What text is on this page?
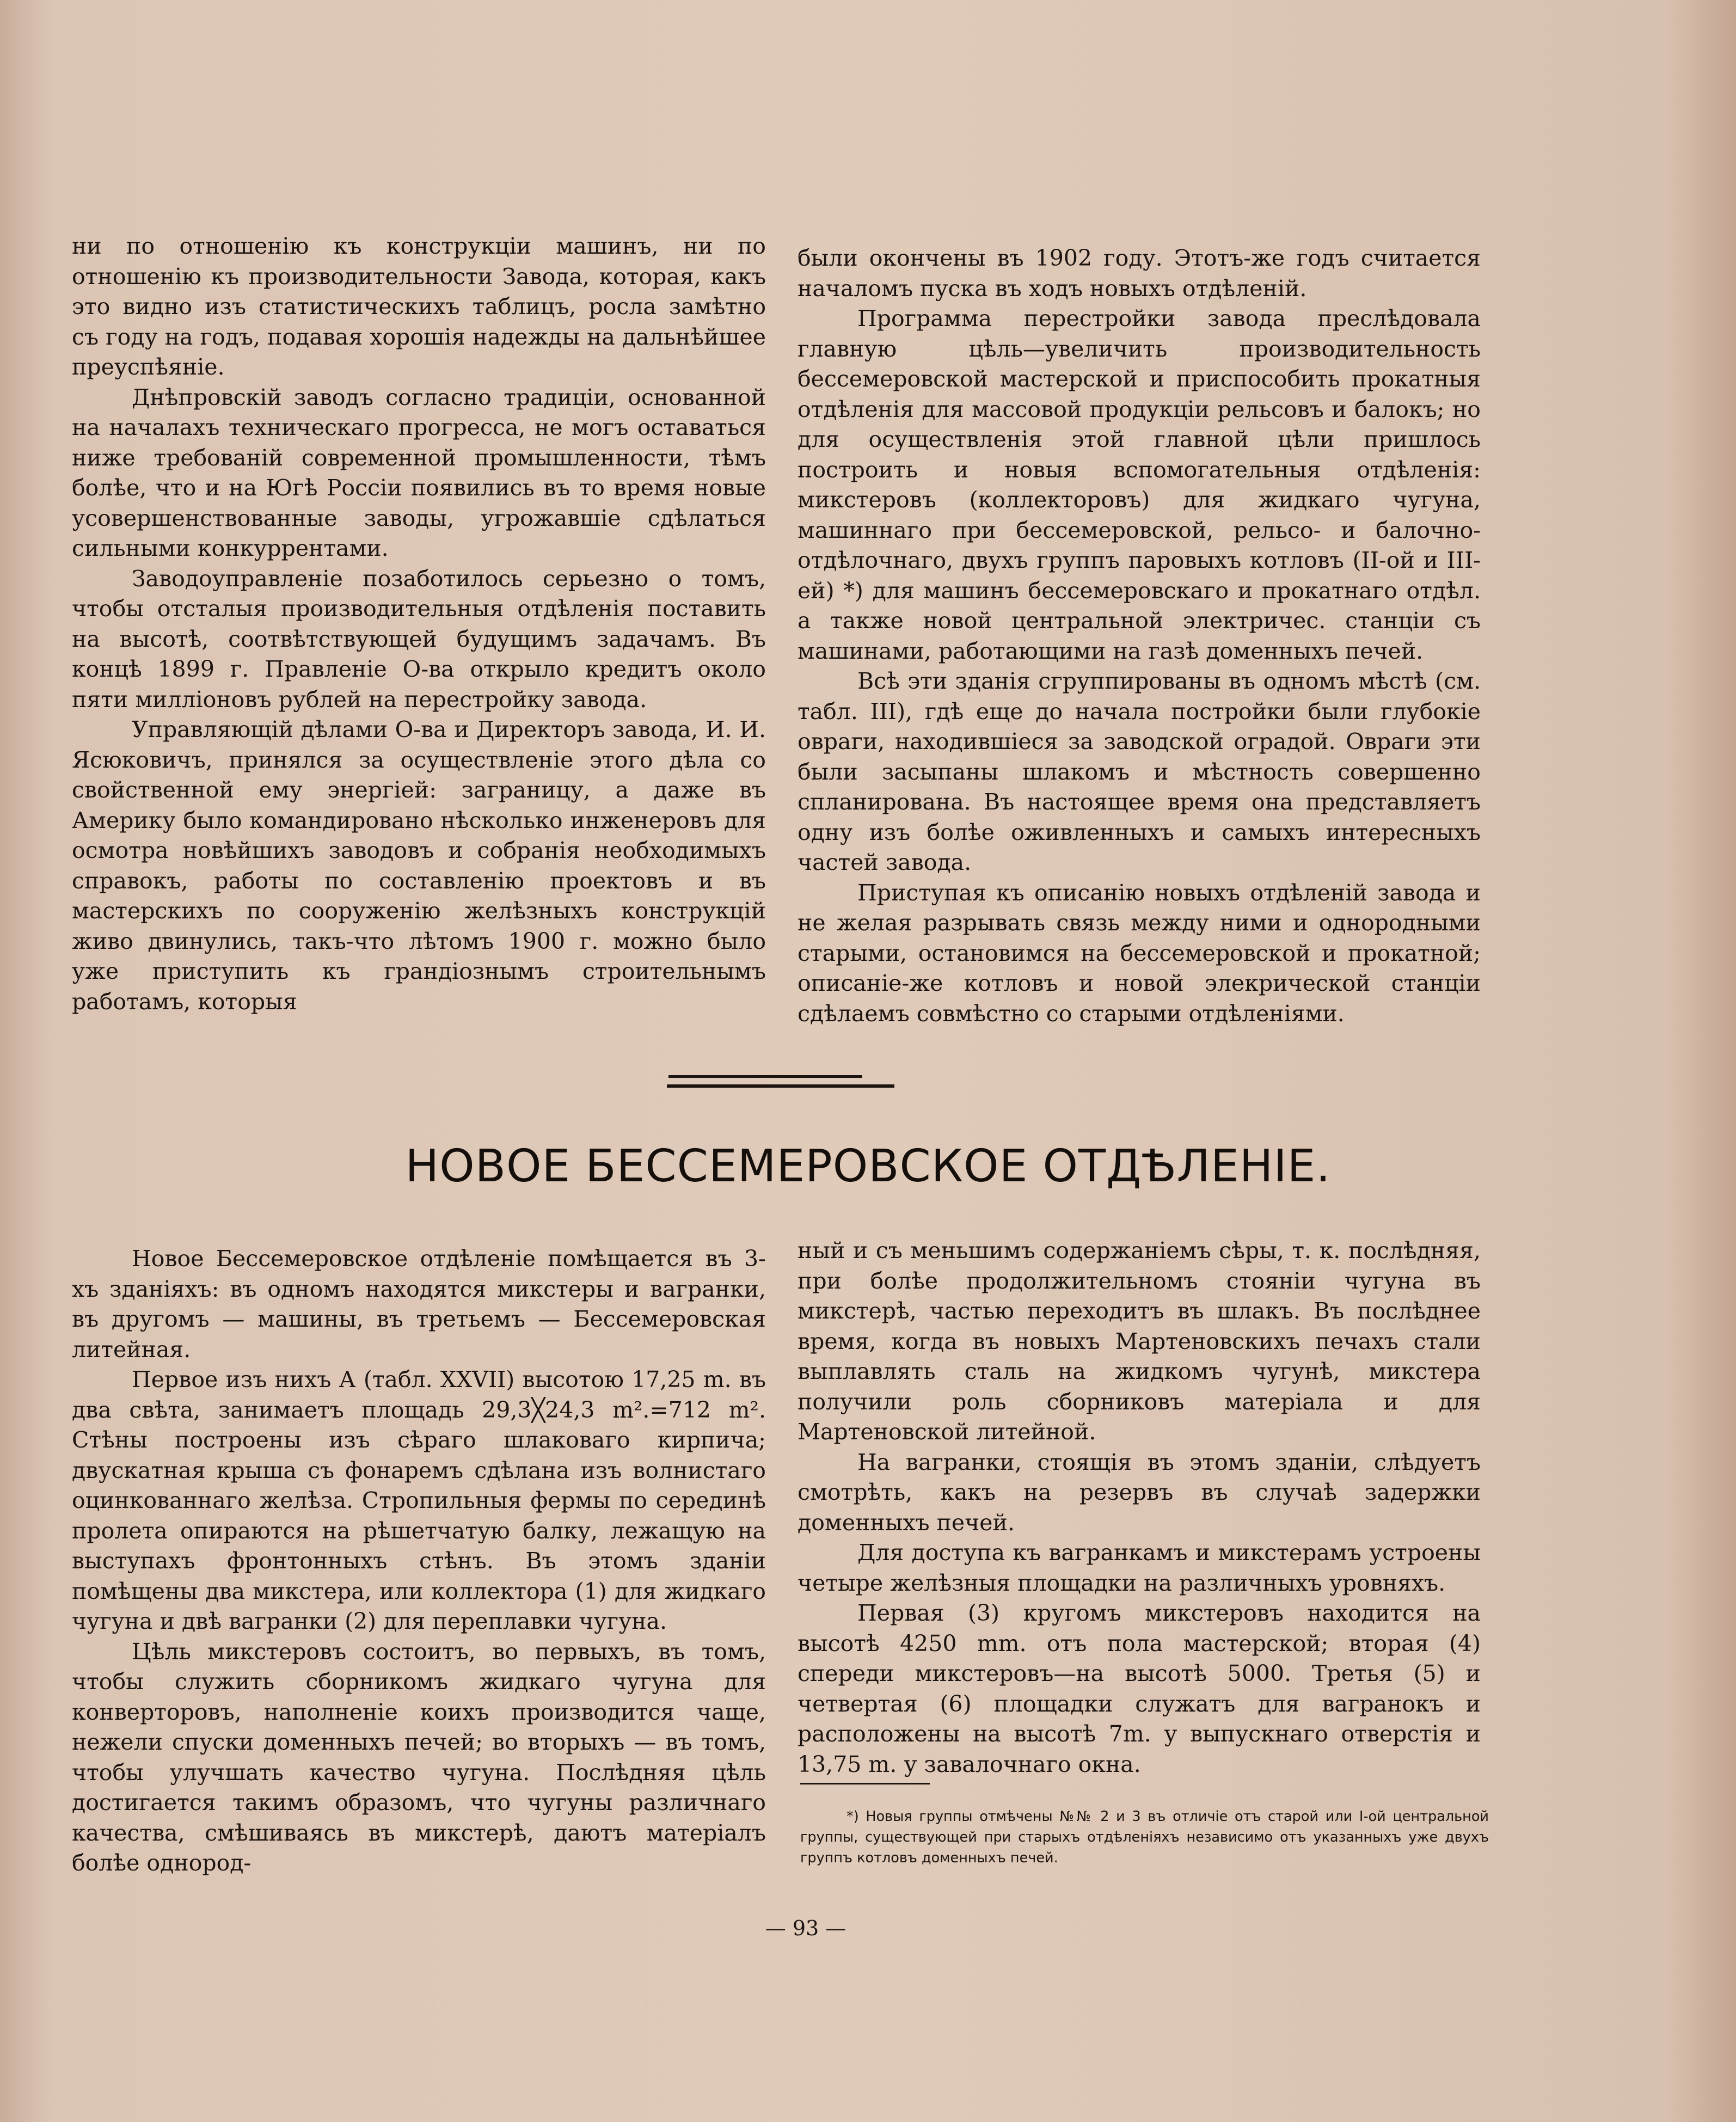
ни по отношенію къ конструкціи машинъ, ни по отношенію къ производительности Завода, которая, какъ это видно изъ статистическихъ таблицъ, росла замѣтно съ году на годъ, подавая хорошія надежды на дальнѣйшее преуспѣяніе.

Днѣпровскій заводъ согласно традиціи, основанной на началахъ техническаго прогресса, не могъ оставаться ниже требованій современной промышленности, тѣмъ болѣе, что и на Югѣ Россіи появились въ то время новые усовершенствованные заводы, угрожавшіе сдѣлаться сильными конкуррентами.

Заводоуправленіе позаботилось серьезно о томъ, чтобы отсталыя производительныя отдѣленія поставить на высотѣ, соотвѣтствующей будущимъ задачамъ. Въ концѣ 1899 г. Правленіе О-ва открыло кредитъ около пяти милліоновъ рублей на перестройку завода.

Управляющій дѣлами О-ва и Директоръ завода, И. И. Ясюковичъ, принялся за осуществленіе этого дѣла со свойственной ему энергіей: заграницу, а даже въ Америку было командировано нѣсколько инженеровъ для осмотра новѣйшихъ заводовъ и собранія необходимыхъ справокъ, работы по составленію проектовъ и въ мастерскихъ по сооруженію желѣзныхъ конструкцій живо двинулись, такъ-что лѣтомъ 1900 г. можно было уже приступить къ грандіознымъ строительнымъ работамъ, которыя

были окончены въ 1902 году. Этотъ-же годъ считается началомъ пуска въ ходъ новыхъ отдѣленій.

Программа перестройки завода преслѣдовала главную цѣль—увеличить производительность бессемеровской мастерской и приспособить прокатныя отдѣленія для массовой продукціи рельсовъ и балокъ; но для осуществленія этой главной цѣли пришлось построить и новыя вспомогательныя отдѣленія: микстеровъ (коллекторовъ) для жидкаго чугуна, машиннаго при бессемеровской, рельсо- и балочно-отдѣлочнаго, двухъ группъ паровыхъ котловъ (II-ой и III-ей) *) для машинъ бессемеровскаго и прокатнаго отдѣл. а также новой центральной электричес. станціи съ машинами, работающими на газѣ доменныхъ печей.

Всѣ эти зданія сгруппированы въ одномъ мѣстѣ (см. табл. III), гдѣ еще до начала постройки были глубокіе овраги, находившіеся за заводской оградой. Овраги эти были засыпаны шлакомъ и мѣстность совершенно спланирована. Въ настоящее время она представляетъ одну изъ болѣе оживленныхъ и самыхъ интересныхъ частей завода.

Приступая къ описанію новыхъ отдѣленій завода и не желая разрывать связь между ними и однородными старыми, остановимся на бессемеровской и прокатной; описаніе-же котловъ и новой элекрической станціи сдѣлаемъ совмѣстно со старыми отдѣленіями.

НОВОЕ БЕССЕМЕРОВСКОЕ ОТДѢЛЕНІЕ.

Новое Бессемеровское отдѣленіе помѣщается въ 3-хъ зданіяхъ: въ одномъ находятся микстеры и вагранки, въ другомъ — машины, въ третьемъ — Бессемеровская литейная.

Первое изъ нихъ А (табл. XXVII) высотою 17,25 m. въ два свѣта, занимаетъ площадь 29,3╳24,3 m².=712 m². Стѣны построены изъ сѣраго шлаковаго кирпича; двускатная крыша съ фонаремъ сдѣлана изъ волнистаго оцинкованнаго желѣза. Стропильныя фермы по серединѣ пролета опираются на рѣшетчатую балку, лежащую на выступахъ фронтонныхъ стѣнъ. Въ этомъ зданіи помѣщены два микстера, или коллектора (1) для жидкаго чугуна и двѣ вагранки (2) для переплавки чугуна.

Цѣль микстеровъ состоитъ, во первыхъ, въ томъ, чтобы служить сборникомъ жидкаго чугуна для конверторовъ, наполненіе коихъ производится чаще, нежели спуски доменныхъ печей; во вторыхъ — въ томъ, чтобы улучшать качество чугуна. Послѣдняя цѣль достигается такимъ образомъ, что чугуны различнаго качества, смѣшиваясь въ микстерѣ, даютъ матеріалъ болѣе однород-

ный и съ меньшимъ содержаніемъ сѣры, т. к. послѣдняя, при болѣе продолжительномъ стояніи чугуна въ микстерѣ, частью переходитъ въ шлакъ. Въ послѣднее время, когда въ новыхъ Мартеновскихъ печахъ стали выплавлять сталь на жидкомъ чугунѣ, микстера получили роль сборниковъ матеріала и для Мартеновской литейной.

На вагранки, стоящія въ этомъ зданіи, слѣдуетъ смотрѣть, какъ на резервъ въ случаѣ задержки доменныхъ печей.

Для доступа къ вагранкамъ и микстерамъ устроены четыре желѣзныя площадки на различныхъ уровняхъ.

Первая (3) кругомъ микстеровъ находится на высотѣ 4250 mm. отъ пола мастерской; вторая (4) спереди микстеровъ—на высотѣ 5000. Третья (5) и четвертая (6) площадки служатъ для вагранокъ и расположены на высотѣ 7m. у выпускнаго отверстія и 13,75 m. у завалочнаго окна.

*) Новыя группы отмѣчены №№ 2 и 3 въ отличіе отъ старой или I-ой центральной группы, существующей при старыхъ отдѣленіяхъ независимо отъ указанныхъ уже двухъ группъ котловъ доменныхъ печей.

— 93 —
